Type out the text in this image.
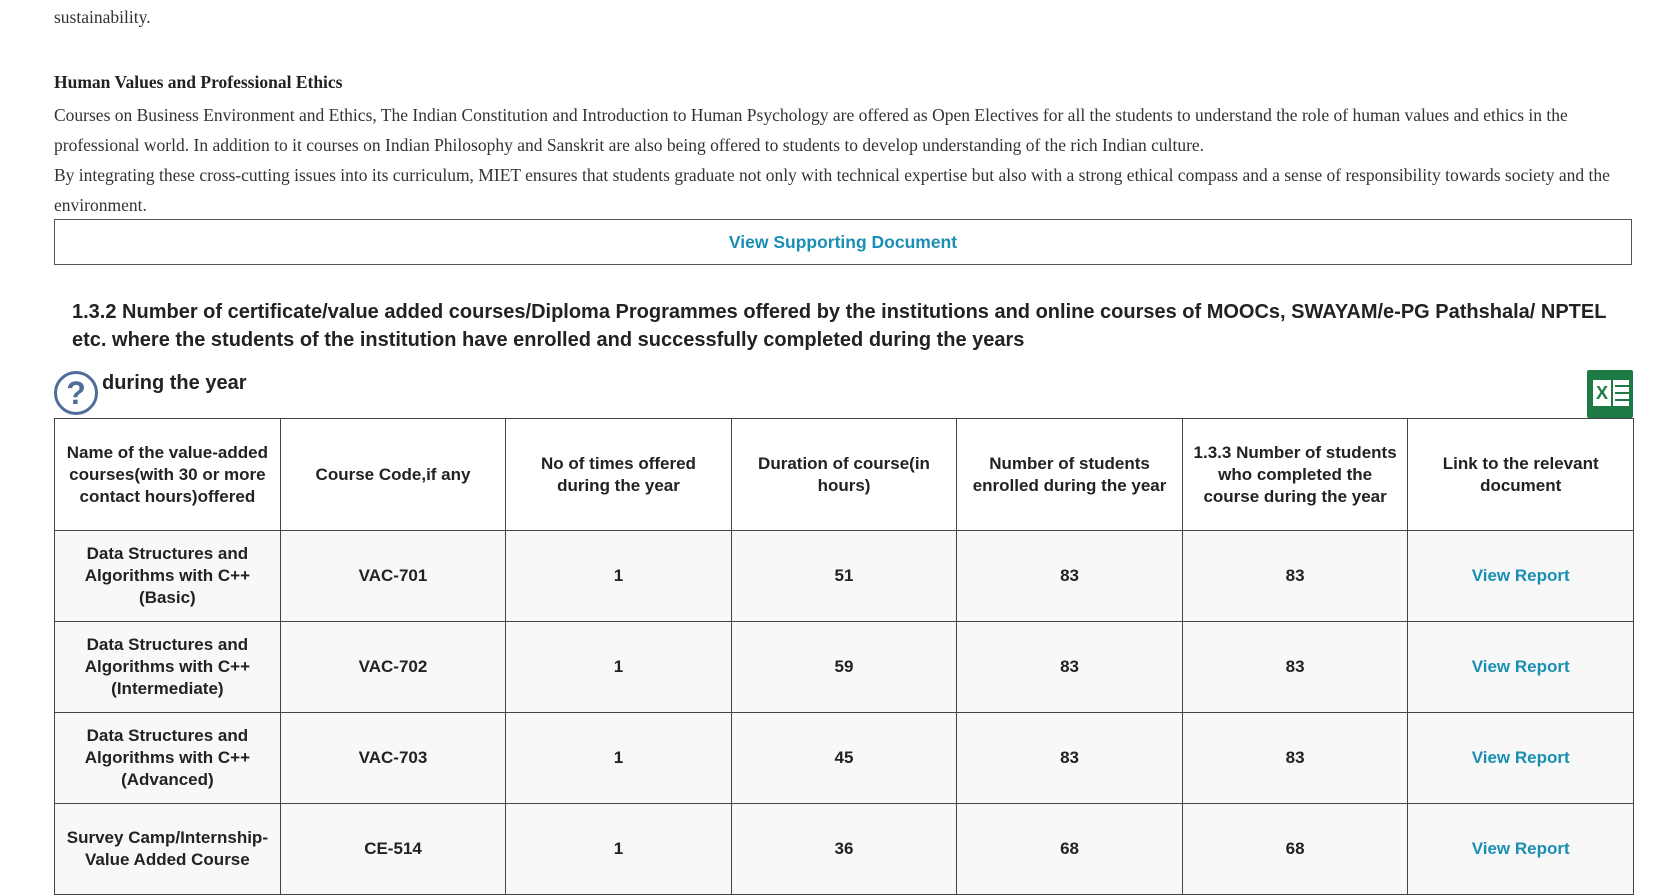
sustainability.
Human Values and Professional Ethics
Courses on Business Environment and Ethics, The Indian Constitution and Introduction to Human Psychology are offered as Open Electives for all the students to understand the role of human values and ethics in the professional world. In addition to it courses on Indian Philosophy and Sanskrit are also being offered to students to develop understanding of the rich Indian culture.
By integrating these cross-cutting issues into its curriculum, MIET ensures that students graduate not only with technical expertise but also with a strong ethical compass and a sense of responsibility towards society and the environment.
View Supporting Document
1.3.2 Number of certificate/value added courses/Diploma Programmes offered by the institutions and online courses of MOOCs, SWAYAM/e-PG Pathshala/ NPTEL etc. where the students of the institution have enrolled and successfully completed during the years
? during the year	X
Name of the value-added courses(with 30 or more contact hours)offered	Course Code,if any	No of times offered during the year	Duration of course(in hours)	Number of students enrolled during the year	1.3.3 Number of students who completed the course during the year	Link to the relevant document
Data Structures and Algorithms with C++ (Basic)	VAC-701	1	51	83	83	View Report
Data Structures and Algorithms with C++ (Intermediate)	VAC-702	1	59	83	83	View Report
Data Structures and Algorithms with C++ (Advanced)	VAC-703	1	45	83	83	View Report
Survey Camp/Internship- Value Added Course	CE-514	1	36	68	68	View Report
